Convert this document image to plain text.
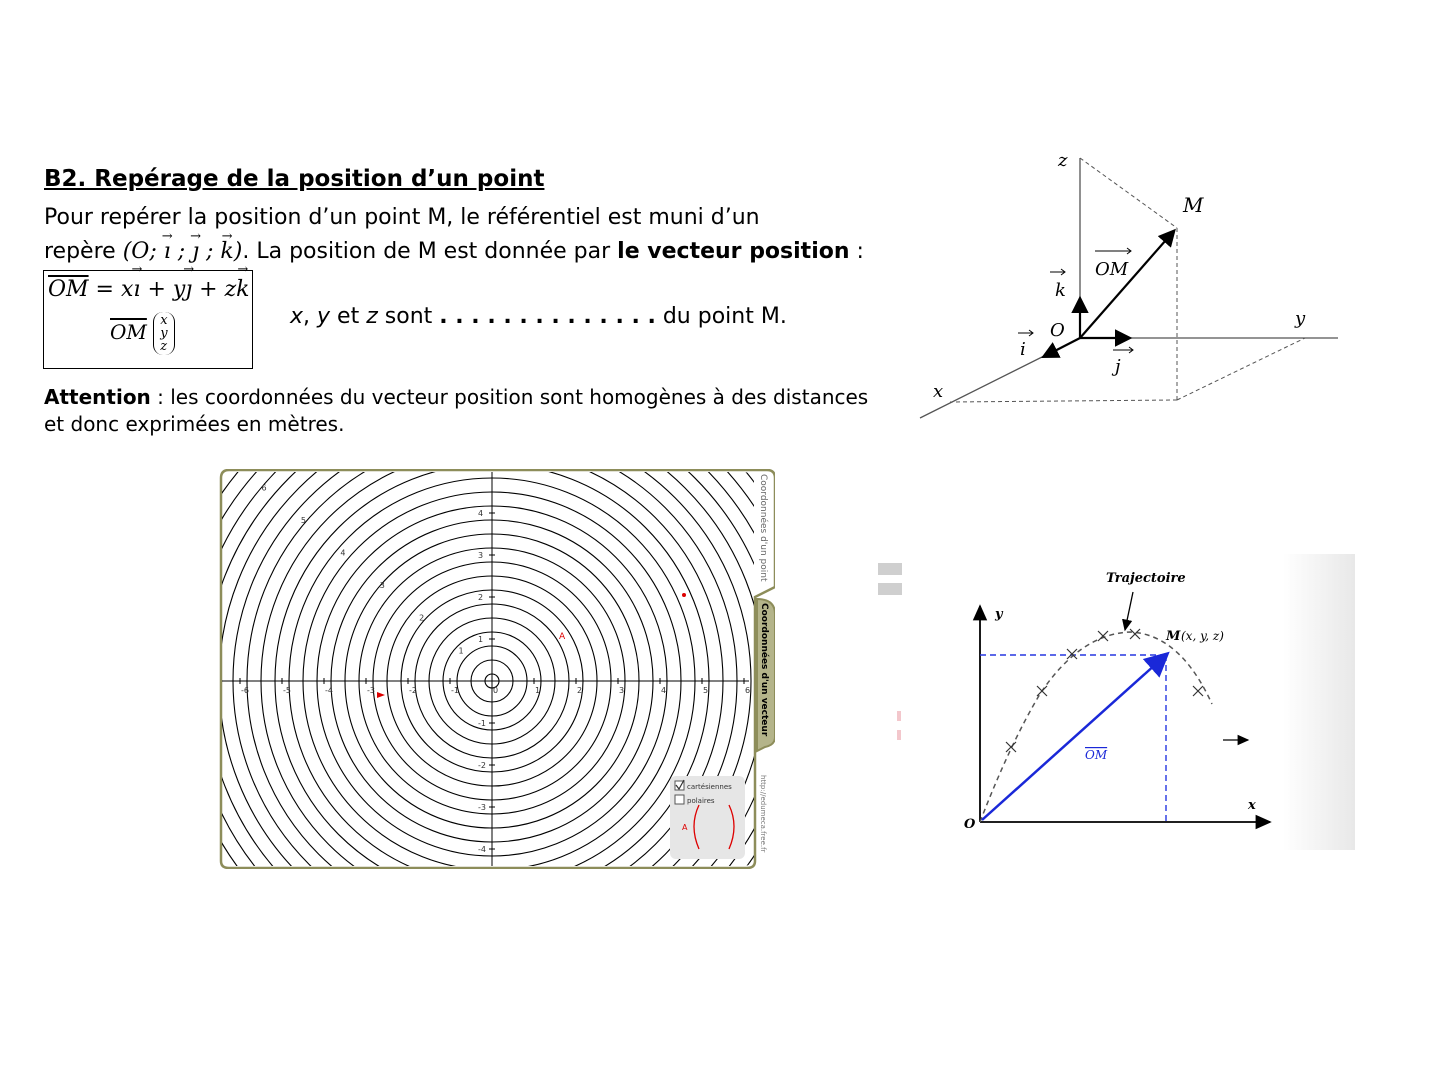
B2. Repérage de la position d’un point
Pour repérer la position d’un point M, le référentiel est muni d’un
repère (O; ı → ; ȷ → ; k →). La position de M est donnée par le vecteur position :
$\overline{OM}$ = xı → + yȷ → + zk →
$\overline{OM}$ x
y
z
x, y et z sont . . . . . . . . . . . . . . du point M.
Attention : les coordonnées du vecteur position sont homogènes à des distances et donc exprimées en mètres.
z
y
x
O
M
OM
k
j
i
-6	-5	-4	-3	-2	-1	0	1	2	3	4	5	6
4
3
2
1
-1
-2
-3
-4
1
2
3
4
5
6
Coordonnées d'un vecteur
Coordonnées d'un point
http://edumeca.free.fr
A
cartésiennes
polaires
A
Trajectoire
M (x, y, z)
x
y
O
OM
